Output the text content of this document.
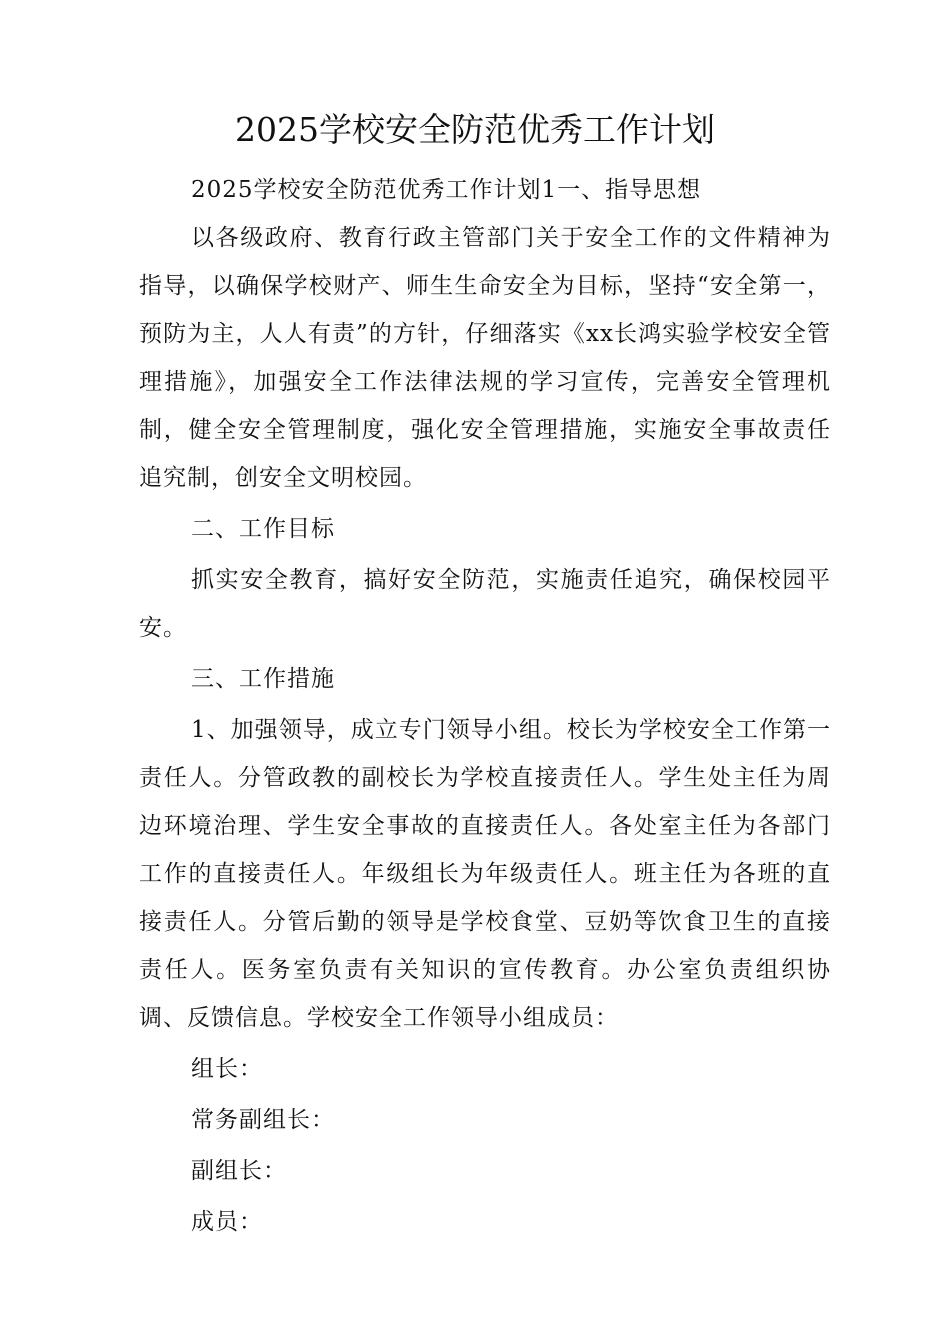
2025学校安全防范优秀工作计划

2025学校安全防范优秀工作计划1一、指导思想

以各级政府、教育行政主管部门关于安全工作的文件精神为指导，以确保学校财产、师生生命安全为目标，坚持“安全第一，预防为主，人人有责”的方针，仔细落实《xx长鸿实验学校安全管理措施》，加强安全工作法律法规的学习宣传，完善安全管理机制，健全安全管理制度，强化安全管理措施，实施安全事故责任追究制，创安全文明校园。

二、工作目标

抓实安全教育，搞好安全防范，实施责任追究，确保校园平安。

三、工作措施

1、加强领导，成立专门领导小组。校长为学校安全工作第一责任人。分管政教的副校长为学校直接责任人。学生处主任为周边环境治理、学生安全事故的直接责任人。各处室主任为各部门工作的直接责任人。年级组长为年级责任人。班主任为各班的直接责任人。分管后勤的领导是学校食堂、豆奶等饮食卫生的直接责任人。医务室负责有关知识的宣传教育。办公室负责组织协调、反馈信息。学校安全工作领导小组成员：

组长：

常务副组长：

副组长：

成员：
